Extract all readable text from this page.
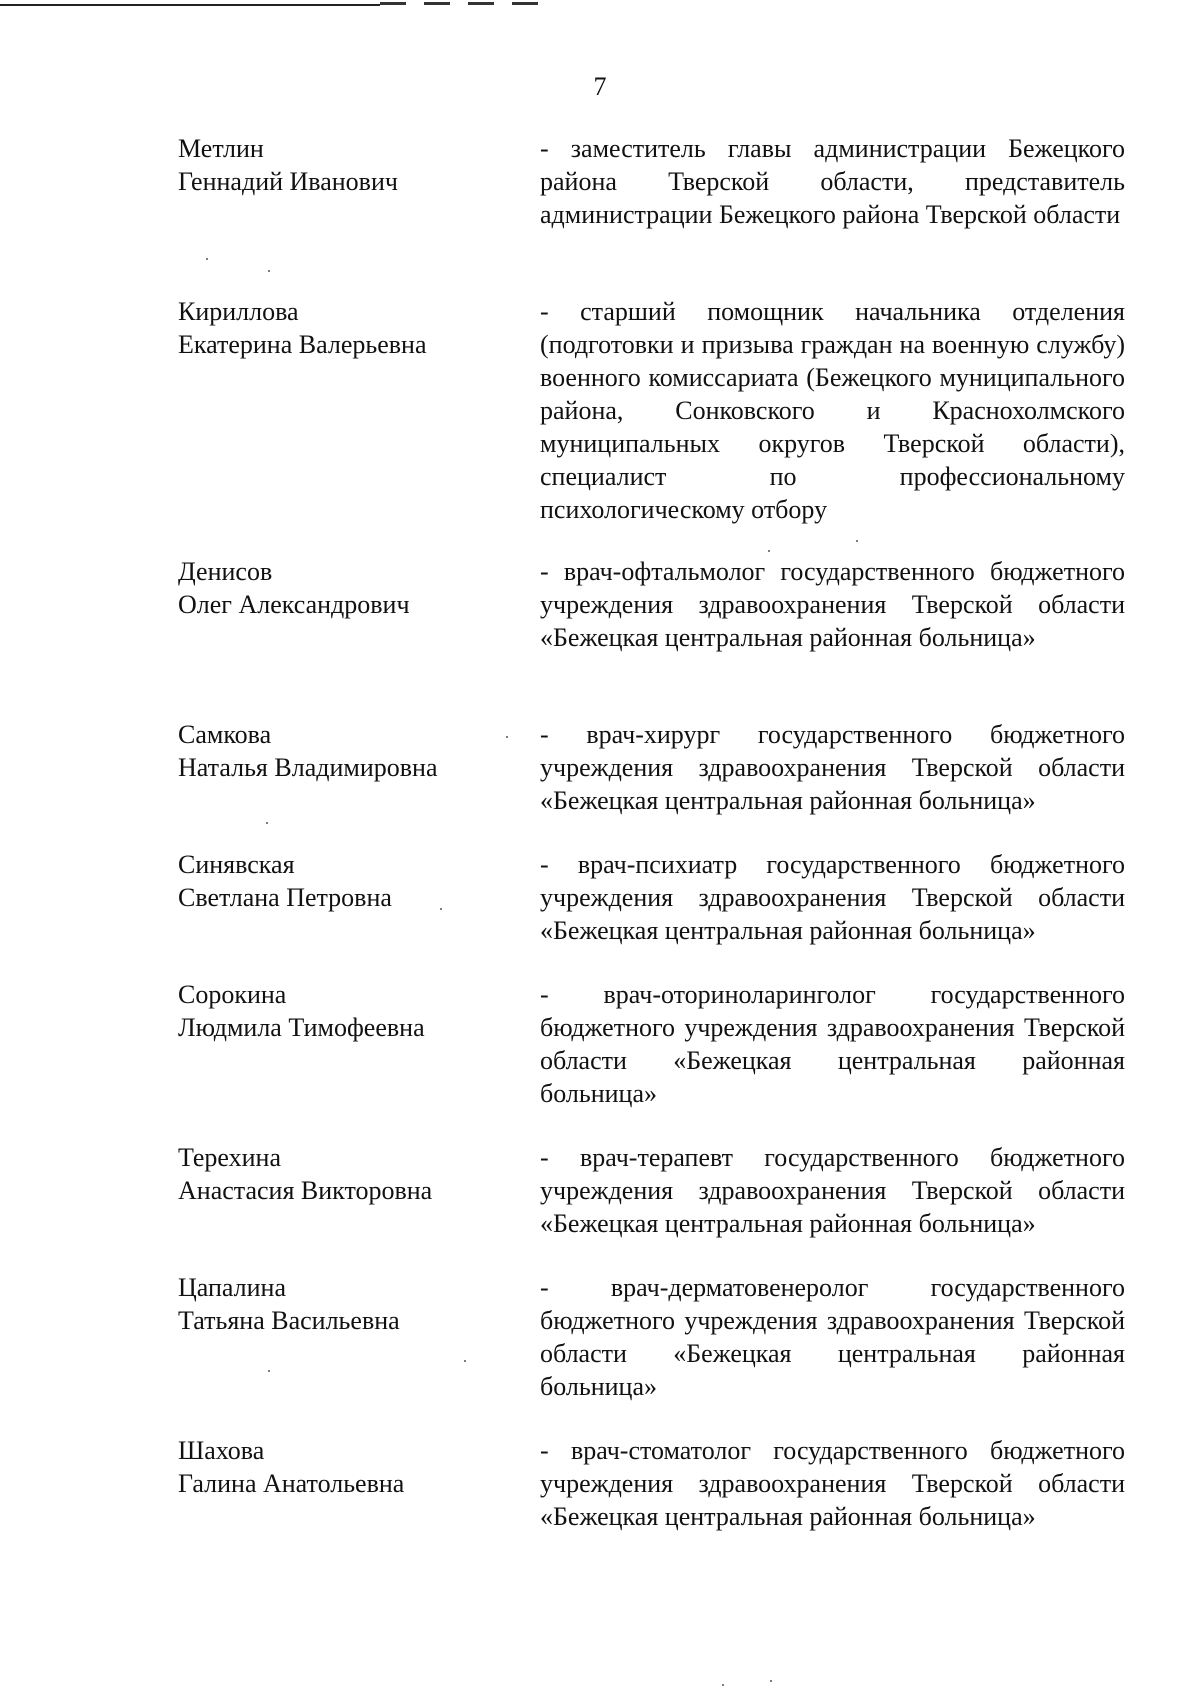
7
Метлин
Геннадий Иванович
- заместитель главы администрации Бежецкого района Тверской области, представитель администрации Бежецкого района Тверской области
Кириллова
Екатерина Валерьевна
- старший помощник начальника отделения (подготовки и призыва граждан на военную службу) военного комиссариата (Бежецкого муниципального района, Сонковского и Краснохолмского муниципальных округов Тверской области), специалист по профессиональному психологическому отбору
Денисов
Олег Александрович
- врач-офтальмолог государственного бюджетного учреждения здравоохранения Тверской области «Бежецкая центральная районная больница»
Самкова
Наталья Владимировна
- врач-хирург государственного бюджетного учреждения здравоохранения Тверской области «Бежецкая центральная районная больница»
Синявская
Светлана Петровна
- врач-психиатр государственного бюджетного учреждения здравоохранения Тверской области «Бежецкая центральная районная больница»
Сорокина
Людмила Тимофеевна
- врач-оториноларинголог государственного бюджетного учреждения здравоохранения Тверской области «Бежецкая центральная районная больница»
Терехина
Анастасия Викторовна
- врач-терапевт государственного бюджетного учреждения здравоохранения Тверской области «Бежецкая центральная районная больница»
Цапалина
Татьяна Васильевна
- врач-дерматовенеролог государственного бюджетного учреждения здравоохранения Тверской области «Бежецкая центральная районная больница»
Шахова
Галина Анатольевна
- врач-стоматолог государственного бюджетного учреждения здравоохранения Тверской области «Бежецкая центральная районная больница»
